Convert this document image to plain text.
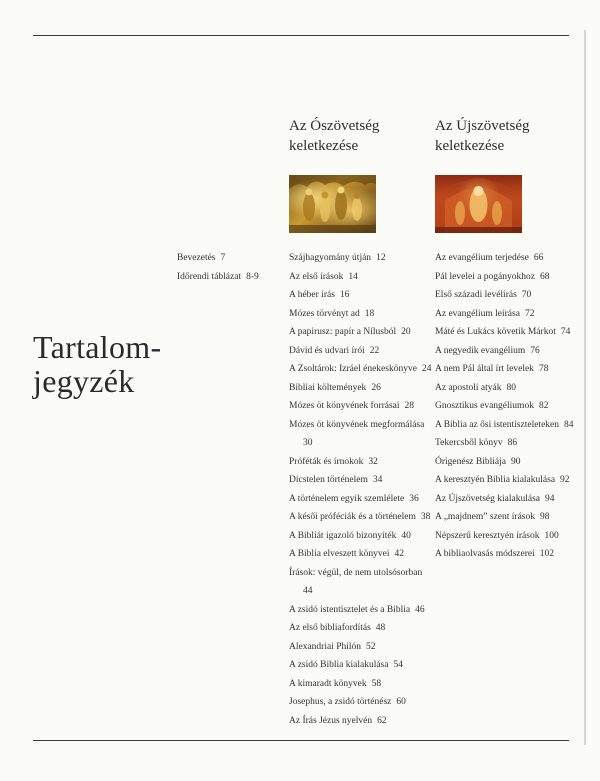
Tartalom-
jegyzék
Az Ószövetség
keletkezése
Az Újszövetség
keletkezése
Bevezetés 7
Időrendi táblázat 8-9
Szájhagyomány útján 12
Az első írások 14
A héber írás 16
Mózes törvényt ad 18
A papirusz: papír a Nílusból 20
Dávid és udvari írói 22
A Zsoltárok: Izráel énekeskönyve 24
Bibliai költemények 26
Mózes öt könyvének forrásai 28
Mózes öt könyvének megformálása
30
Próféták és írnokok 32
Dicstelen történelem 34
A történelem egyik szemlélete 36
A késői próféciák és a történelem 38
A Bibliát igazoló bizonyíték 40
A Biblia elveszett könyvei 42
Írások: végül, de nem utolsósorban
44
A zsidó istentisztelet és a Biblia 46
Az első bibliafordítás 48
Alexandriai Philón 52
A zsidó Biblia kialakulása 54
A kimaradt könyvek 58
Josephus, a zsidó történész 60
Az Írás Jézus nyelvén 62
Az evangélium terjedése 66
Pál levelei a pogányokhoz 68
Első századi levélírás 70
Az evangélium leírása 72
Máté és Lukács követik Márkot 74
A negyedik evangélium 76
A nem Pál által írt levelek 78
Az apostoli atyák 80
Gnosztikus evangéliumok 82
A Biblia az ősi istentiszteleteken 84
Tekercsből könyv 86
Órigenész Bibliája 90
A keresztyén Biblia kialakulása 92
Az Újszövetség kialakulása 94
A „majdnem” szent írások 98
Népszerű keresztyén írások 100
A bibliaolvasás módszerei 102
